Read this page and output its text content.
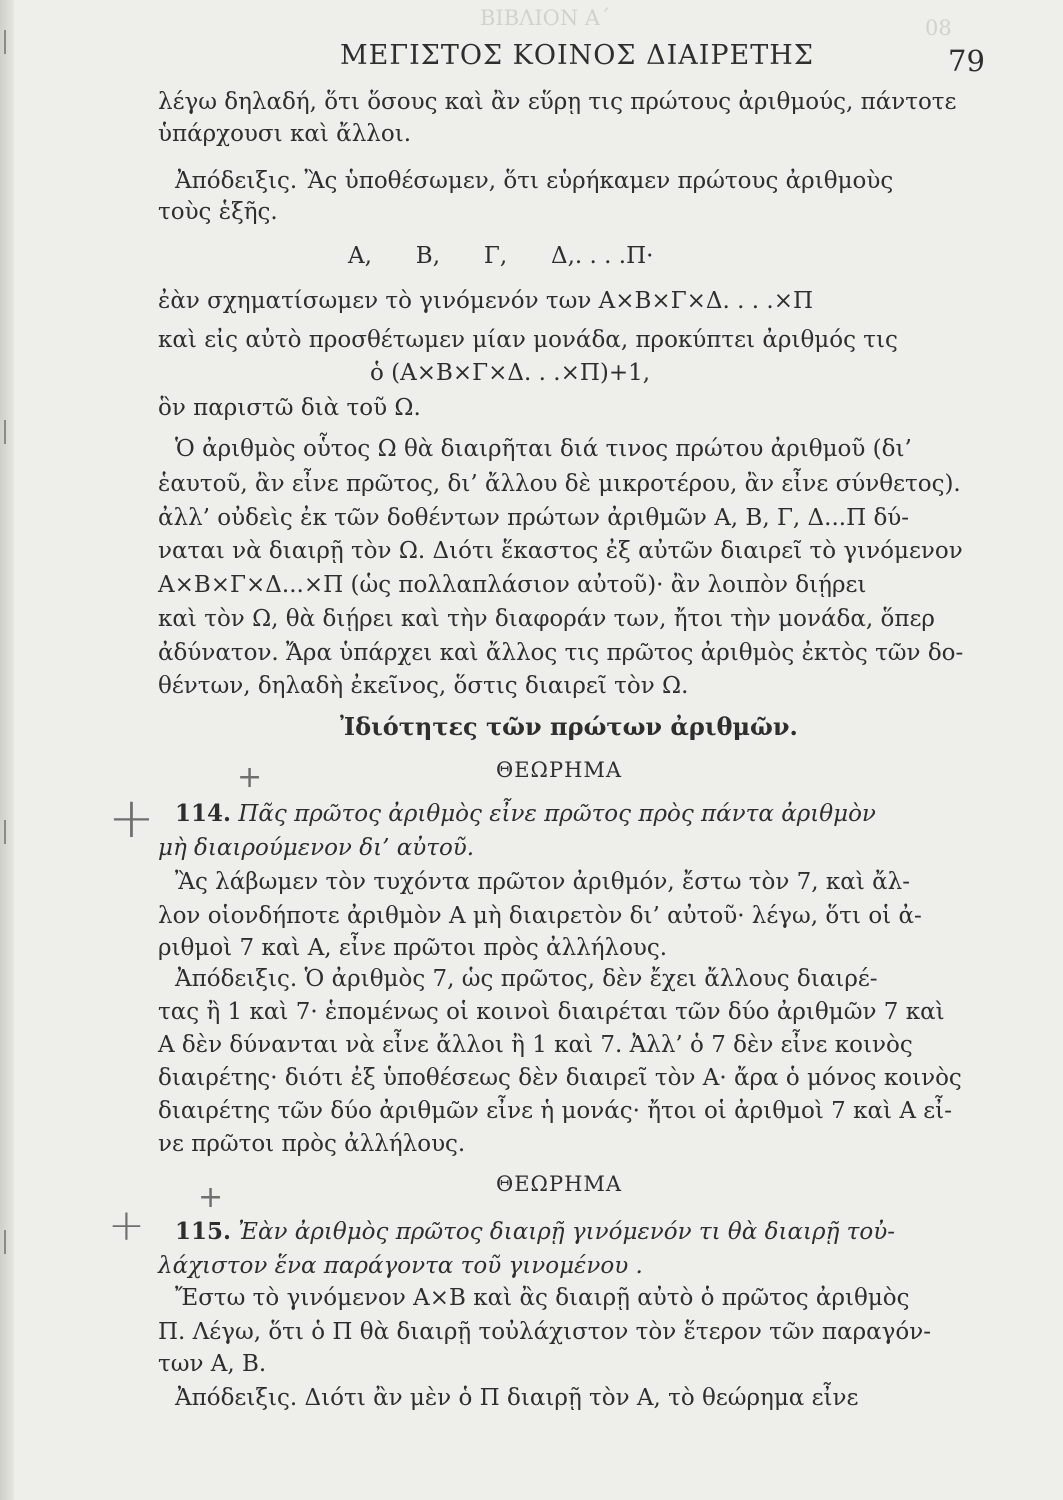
ΒΙΒΛΙΟΝ Α΄	08
ΜΕΓΙΣΤΟΣ ΚΟΙΝΟΣ ΔΙΑΙΡΕΤΗΣ	79
λέγω δηλαδή, ὅτι ὅσους καὶ ἂν εὕρῃ τις πρώτους ἀριθμούς, πάντοτε
ὑπάρχουσι καὶ ἄλλοι.
Ἀπόδειξις. Ἂς ὑποθέσωμεν, ὅτι εὑρήκαμεν πρώτους ἀριθμοὺς
τοὺς ἑξῆς.
Α,      Β,      Γ,      Δ,. . . .Π·
ἐὰν σχηματίσωμεν τὸ γινόμενόν των Α×Β×Γ×Δ. . . .×Π
καὶ εἰς αὐτὸ προσθέτωμεν μίαν μονάδα, προκύπτει ἀριθμός τις
ὁ (Α×Β×Γ×Δ. . .×Π)+1,
ὃν παριστῶ διὰ τοῦ Ω.
Ὁ ἀριθμὸς οὗτος Ω θὰ διαιρῆται διά τινος πρώτου ἀριθμοῦ (δι’
ἑαυτοῦ, ἂν εἶνε πρῶτος, δι’ ἄλλου δὲ μικροτέρου, ἂν εἶνε σύνθετος).
ἀλλ’ οὐδεὶς ἐκ τῶν δοθέντων πρώτων ἀριθμῶν Α, Β, Γ, Δ...Π δύ-
ναται νὰ διαιρῇ τὸν Ω. Διότι ἕκαστος ἐξ αὐτῶν διαιρεῖ τὸ γινόμενον
Α×Β×Γ×Δ...×Π (ὡς πολλαπλάσιον αὐτοῦ)· ἂν λοιπὸν διῄρει
καὶ τὸν Ω, θὰ διῄρει καὶ τὴν διαφοράν των, ἤτοι τὴν μονάδα, ὅπερ
ἀδύνατον. Ἄρα ὑπάρχει καὶ ἄλλος τις πρῶτος ἀριθμὸς ἐκτὸς τῶν δο-
θέντων, δηλαδὴ ἐκεῖνος, ὅστις διαιρεῖ τὸν Ω.
Ἰδιότητες τῶν πρώτων ἀριθμῶν.
ΘΕΩΡΗΜΑ
+
+ 114. Πᾶς πρῶτος ἀριθμὸς εἶνε πρῶτος πρὸς πάντα ἀριθμὸν
μὴ διαιρούμενον δι’ αὐτοῦ.
Ἂς λάβωμεν τὸν τυχόντα πρῶτον ἀριθμόν, ἔστω τὸν 7, καὶ ἄλ-
λον οἱονδήποτε ἀριθμὸν Α μὴ διαιρετὸν δι’ αὐτοῦ· λέγω, ὅτι οἱ ἀ-
ριθμοὶ 7 καὶ Α, εἶνε πρῶτοι πρὸς ἀλλήλους.
Ἀπόδειξις. Ὁ ἀριθμὸς 7, ὡς πρῶτος, δὲν ἔχει ἄλλους διαιρέ-
τας ἢ 1 καὶ 7· ἑπομένως οἱ κοινοὶ διαιρέται τῶν δύο ἀριθμῶν 7 καὶ
Α δὲν δύνανται νὰ εἶνε ἄλλοι ἢ 1 καὶ 7. Ἀλλ’ ὁ 7 δὲν εἶνε κοινὸς
διαιρέτης· διότι ἐξ ὑποθέσεως δὲν διαιρεῖ τὸν Α· ἄρα ὁ μόνος κοινὸς
διαιρέτης τῶν δύο ἀριθμῶν εἶνε ἡ μονάς· ἤτοι οἱ ἀριθμοὶ 7 καὶ Α εἶ-
νε πρῶτοι πρὸς ἀλλήλους.
ΘΕΩΡΗΜΑ
+
+ 115. Ἐὰν ἀριθμὸς πρῶτος διαιρῇ γινόμενόν τι θὰ διαιρῇ τοὐ-
λάχιστον ἕνα παράγοντα τοῦ γινομένου .
Ἔστω τὸ γινόμενον Α×Β καὶ ἂς διαιρῇ αὐτὸ ὁ πρῶτος ἀριθμὸς
Π. Λέγω, ὅτι ὁ Π θὰ διαιρῇ τοὐλάχιστον τὸν ἕτερον τῶν παραγόν-
των Α, Β.
Ἀπόδειξις. Διότι ἂν μὲν ὁ Π διαιρῇ τὸν Α, τὸ θεώρημα εἶνε
